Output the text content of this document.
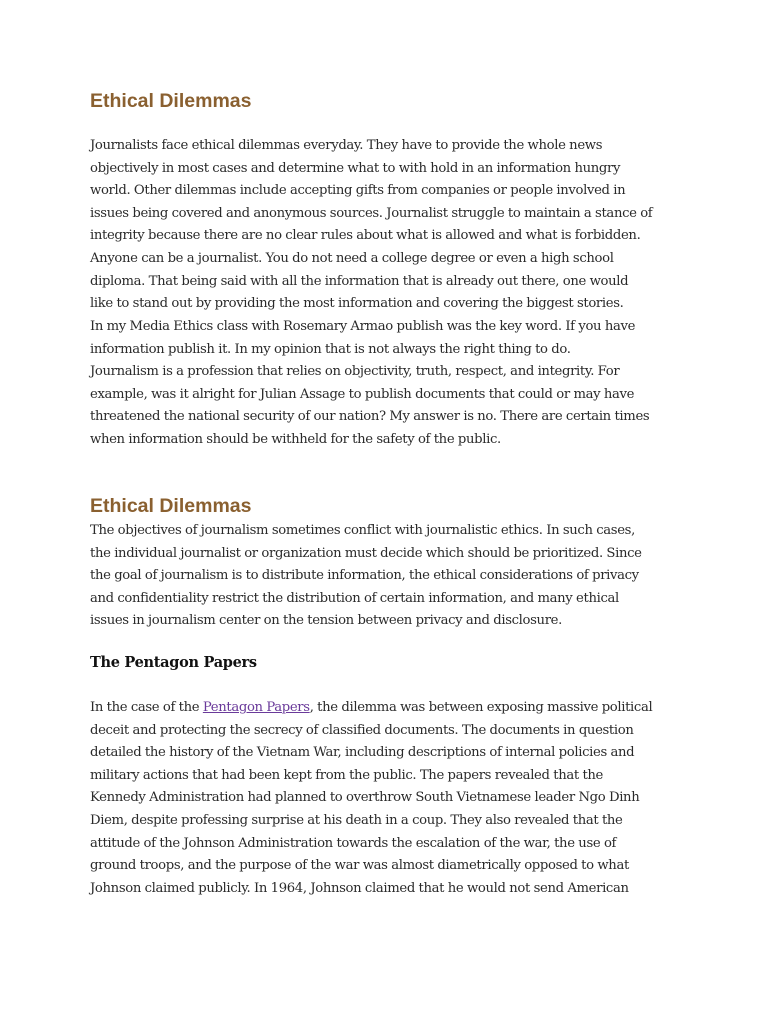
Ethical Dilemmas
Journalists face ethical dilemmas everyday. They have to provide the whole news
objectively in most cases and determine what to with hold in an information hungry
world. Other dilemmas include accepting gifts from companies or people involved in
issues being covered and anonymous sources. Journalist struggle to maintain a stance of
integrity because there are no clear rules about what is allowed and what is forbidden.
Anyone can be a journalist. You do not need a college degree or even a high school
diploma. That being said with all the information that is already out there, one would
like to stand out by providing the most information and covering the biggest stories.
In my Media Ethics class with Rosemary Armao publish was the key word. If you have
information publish it. In my opinion that is not always the right thing to do.
Journalism is a profession that relies on objectivity, truth, respect, and integrity. For
example, was it alright for Julian Assage to publish documents that could or may have
threatened the national security of our nation? My answer is no. There are certain times
when information should be withheld for the safety of the public.
Ethical Dilemmas
The objectives of journalism sometimes conflict with journalistic ethics. In such cases,
the individual journalist or organization must decide which should be prioritized. Since
the goal of journalism is to distribute information, the ethical considerations of privacy
and confidentiality restrict the distribution of certain information, and many ethical
issues in journalism center on the tension between privacy and disclosure.
The Pentagon Papers
In the case of the Pentagon Papers, the dilemma was between exposing massive political
deceit and protecting the secrecy of classified documents. The documents in question
detailed the history of the Vietnam War, including descriptions of internal policies and
military actions that had been kept from the public. The papers revealed that the
Kennedy Administration had planned to overthrow South Vietnamese leader Ngo Dinh
Diem, despite professing surprise at his death in a coup. They also revealed that the
attitude of the Johnson Administration towards the escalation of the war, the use of
ground troops, and the purpose of the war was almost diametrically opposed to what
Johnson claimed publicly. In 1964, Johnson claimed that he would not send American
